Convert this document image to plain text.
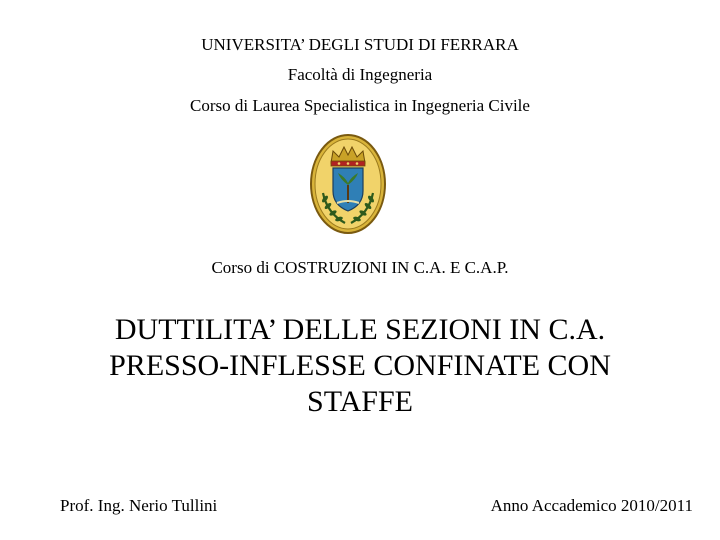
UNIVERSITA’ DEGLI STUDI DI FERRARA
Facoltà di Ingegneria
Corso di Laurea Specialistica in Ingegneria Civile
Corso di COSTRUZIONI IN C.A. E C.A.P.
DUTTILITA’ DELLE SEZIONI IN C.A.
PRESSO-INFLESSE CONFINATE CON
STAFFE
Prof. Ing. Nerio Tullini	Anno Accademico 2010/2011
